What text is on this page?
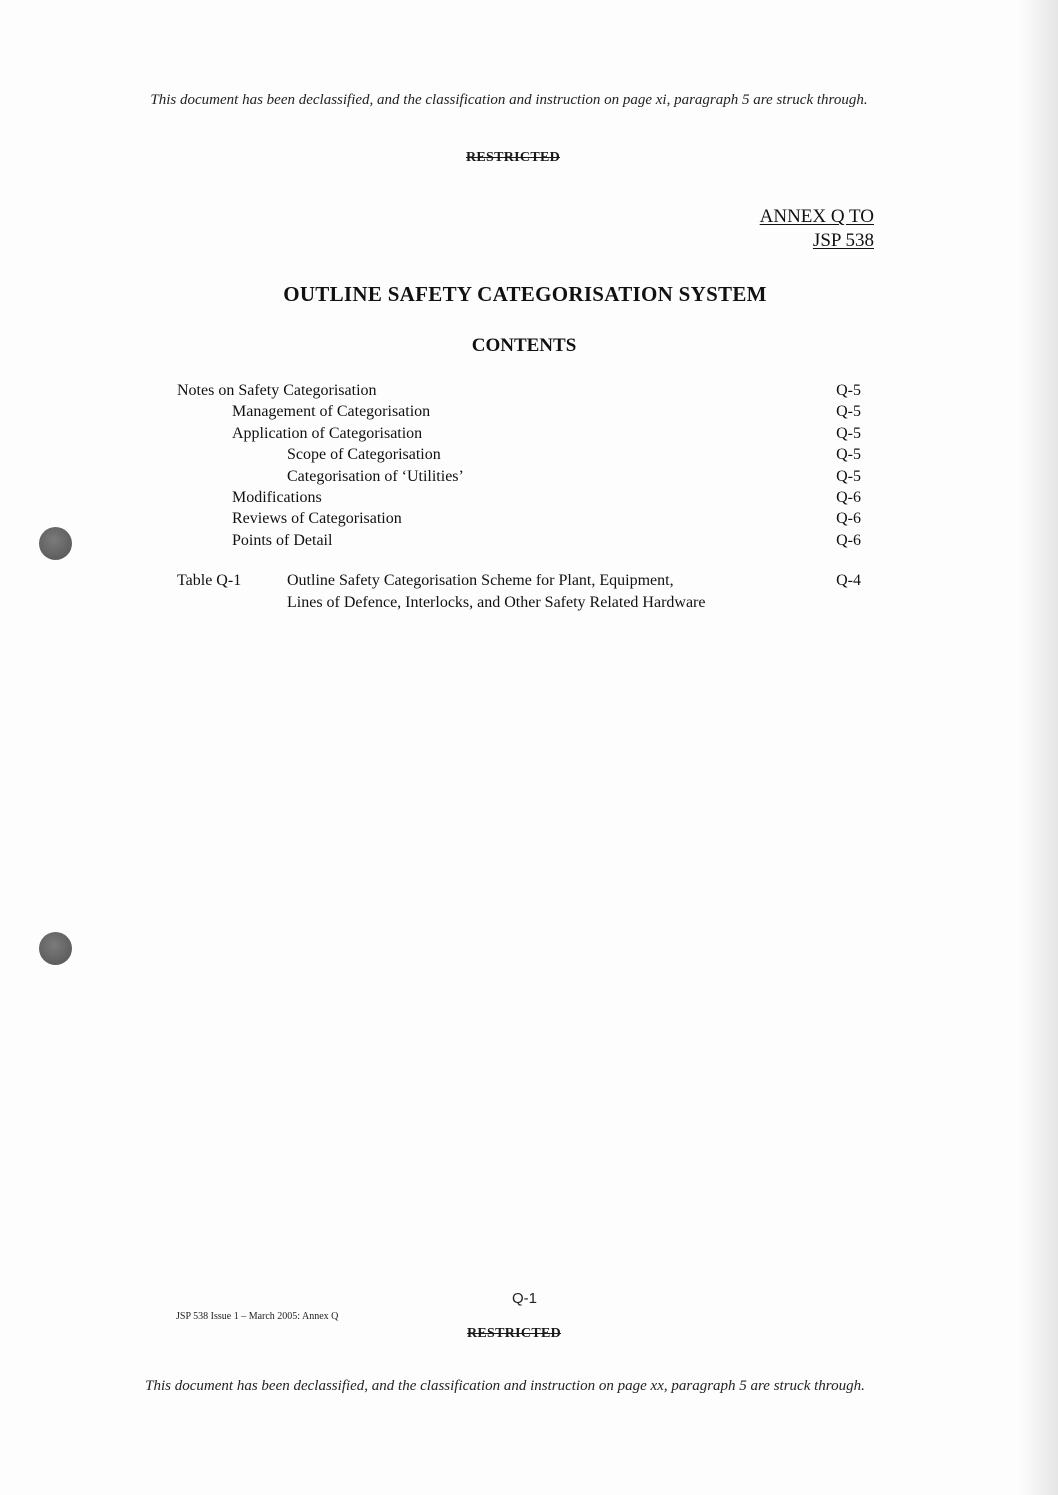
This document has been declassified, and the classification and instruction on page xi, paragraph 5 are struck through.
RESTRICTED
ANNEX Q TO
JSP 538
OUTLINE SAFETY CATEGORISATION SYSTEM
CONTENTS
Notes on Safety Categorisation	Q-5
Management of Categorisation	Q-5
Application of Categorisation	Q-5
Scope of Categorisation	Q-5
Categorisation of ‘Utilities’	Q-5
Modifications	Q-6
Reviews of Categorisation	Q-6
Points of Detail	Q-6
Table Q-1	Outline Safety Categorisation Scheme for Plant, Equipment,
Lines of Defence, Interlocks, and Other Safety Related Hardware
Q-4
Q-1
JSP 538 Issue 1 – March 2005: Annex Q
RESTRICTED
This document has been declassified, and the classification and instruction on page xx, paragraph 5 are struck through.
